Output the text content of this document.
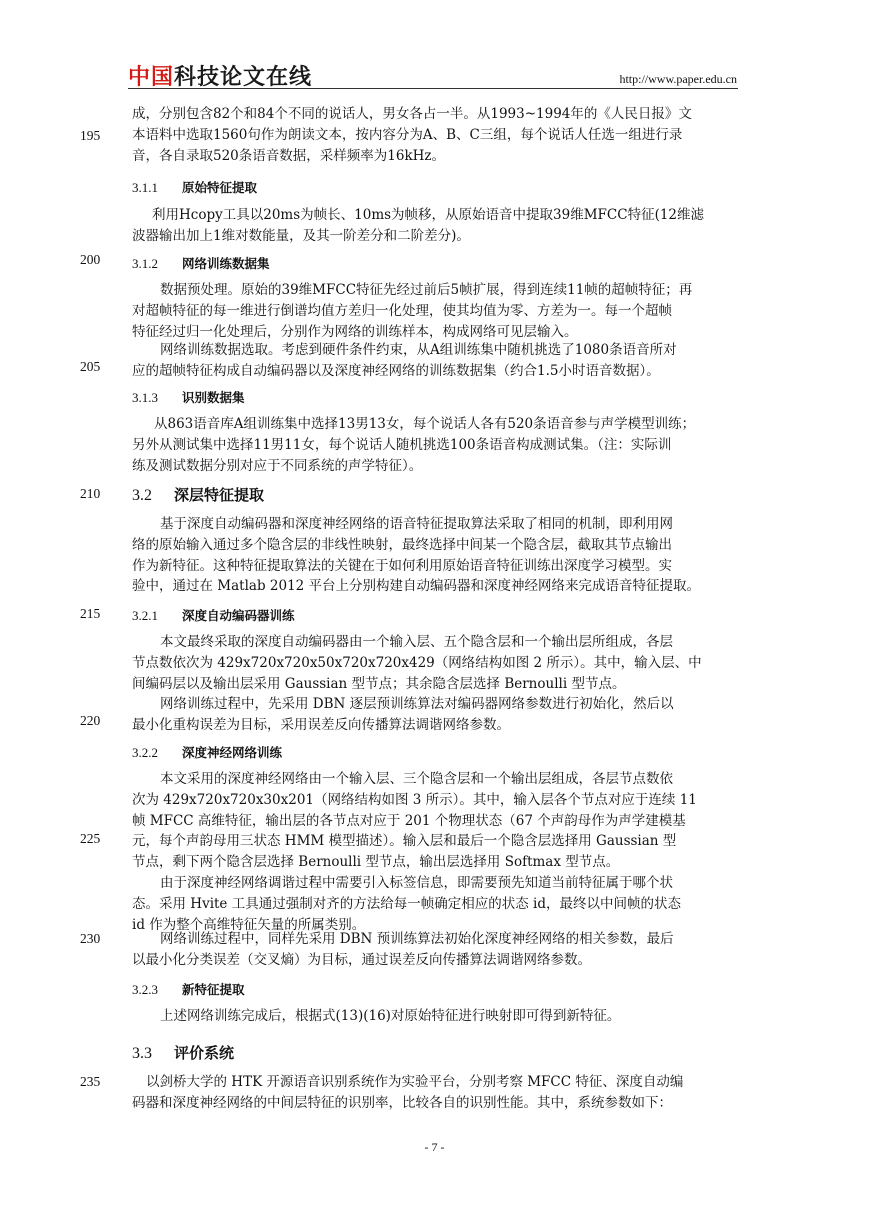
中国科技论文在线	http://www.paper.edu.cn
195
200
205
210
215
220
225
230
235
成，分别包含82个和84个不同的说话人，男女各占一半。从1993~1994年的《人民日报》文
本语料中选取1560句作为朗读文本，按内容分为A、B、C三组，每个说话人任选一组进行录
音，各自录取520条语音数据，采样频率为16kHz。
3.1.1 原始特征提取
利用Hcopy工具以20ms为帧长、10ms为帧移，从原始语音中提取39维MFCC特征(12维滤
波器输出加上1维对数能量，及其一阶差分和二阶差分)。
3.1.2 网络训练数据集
数据预处理。原始的39维MFCC特征先经过前后5帧扩展，得到连续11帧的超帧特征；再
对超帧特征的每一维进行倒谱均值方差归一化处理，使其均值为零、方差为一。每一个超帧
特征经过归一化处理后，分别作为网络的训练样本，构成网络可见层输入。
网络训练数据选取。考虑到硬件条件约束，从A组训练集中随机挑选了1080条语音所对
应的超帧特征构成自动编码器以及深度神经网络的训练数据集（约合1.5小时语音数据）。
3.1.3 识别数据集
从863语音库A组训练集中选择13男13女，每个说话人各有520条语音参与声学模型训练；
另外从测试集中选择11男11女，每个说话人随机挑选100条语音构成测试集。（注：实际训
练及测试数据分别对应于不同系统的声学特征）。
3.2 深层特征提取
基于深度自动编码器和深度神经网络的语音特征提取算法采取了相同的机制，即利用网
络的原始输入通过多个隐含层的非线性映射，最终选择中间某一个隐含层，截取其节点输出
作为新特征。这种特征提取算法的关键在于如何利用原始语音特征训练出深度学习模型。实
验中，通过在 Matlab 2012 平台上分别构建自动编码器和深度神经网络来完成语音特征提取。
3.2.1 深度自动编码器训练
本文最终采取的深度自动编码器由一个输入层、五个隐含层和一个输出层所组成，各层
节点数依次为 429x720x720x50x720x720x429（网络结构如图 2 所示）。其中，输入层、中
间编码层以及输出层采用 Gaussian 型节点；其余隐含层选择 Bernoulli 型节点。
网络训练过程中，先采用 DBN 逐层预训练算法对编码器网络参数进行初始化，然后以
最小化重构误差为目标，采用误差反向传播算法调谐网络参数。
3.2.2 深度神经网络训练
本文采用的深度神经网络由一个输入层、三个隐含层和一个输出层组成，各层节点数依
次为 429x720x720x30x201（网络结构如图 3 所示）。其中，输入层各个节点对应于连续 11
帧 MFCC 高维特征，输出层的各节点对应于 201 个物理状态（67 个声韵母作为声学建模基
元，每个声韵母用三状态 HMM 模型描述）。输入层和最后一个隐含层选择用 Gaussian 型
节点，剩下两个隐含层选择 Bernoulli 型节点，输出层选择用 Softmax 型节点。
由于深度神经网络调谐过程中需要引入标签信息，即需要预先知道当前特征属于哪个状
态。采用 Hvite 工具通过强制对齐的方法给每一帧确定相应的状态 id，最终以中间帧的状态
id 作为整个高维特征矢量的所属类别。
网络训练过程中，同样先采用 DBN 预训练算法初始化深度神经网络的相关参数，最后
以最小化分类误差（交叉熵）为目标，通过误差反向传播算法调谐网络参数。
3.2.3 新特征提取
上述网络训练完成后，根据式(13)(16)对原始特征进行映射即可得到新特征。
3.3 评价系统
以剑桥大学的 HTK 开源语音识别系统作为实验平台，分别考察 MFCC 特征、深度自动编
码器和深度神经网络的中间层特征的识别率，比较各自的识别性能。其中，系统参数如下：
- 7 -
